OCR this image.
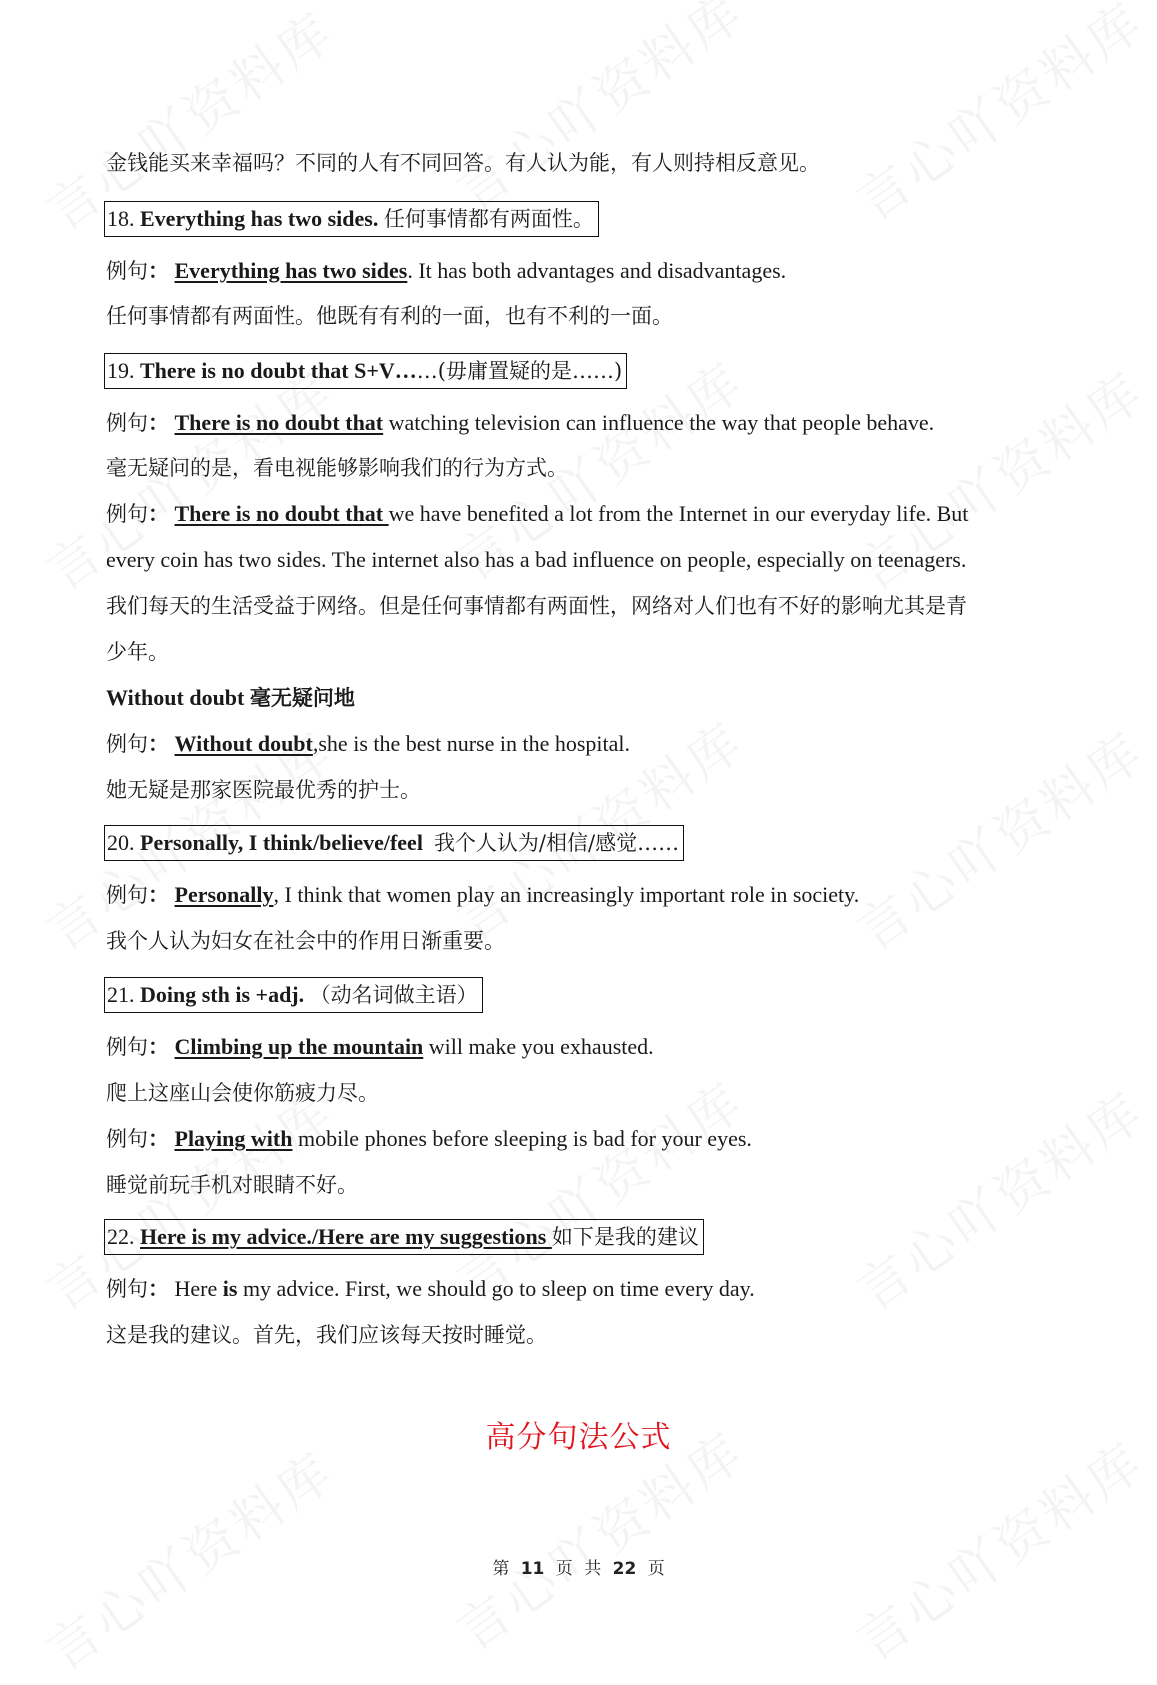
金钱能买来幸福吗？不同的人有不同回答。有人认为能，有人则持相反意见。
18. Everything has two sides. 任何事情都有两面性。
例句： Everything has two sides. It has both advantages and disadvantages.
任何事情都有两面性。他既有有利的一面，也有不利的一面。
19. There is no doubt that S+V……(毋庸置疑的是……)
例句： There is no doubt that watching television can influence the way that people behave.
毫无疑问的是，看电视能够影响我们的行为方式。
例句： There is no doubt that we have benefited a lot from the Internet in our everyday life. But
every coin has two sides. The internet also has a bad influence on people, especially on teenagers.
我们每天的生活受益于网络。但是任何事情都有两面性，网络对人们也有不好的影响尤其是青
少年。
Without doubt 毫无疑问地
例句： Without doubt,she is the best nurse in the hospital.
她无疑是那家医院最优秀的护士。
20. Personally, I think/believe/feel 我个人认为/相信/感觉……
例句： Personally, I think that women play an increasingly important role in society.
我个人认为妇女在社会中的作用日渐重要。
21. Doing sth is +adj. （动名词做主语）
例句： Climbing up the mountain will make you exhausted.
爬上这座山会使你筋疲力尽。
例句： Playing with mobile phones before sleeping is bad for your eyes.
睡觉前玩手机对眼睛不好。
22. Here is my advice./Here are my suggestions 如下是我的建议
例句： Here is my advice. First, we should go to sleep on time every day.
这是我的建议。首先，我们应该每天按时睡觉。
高分句法公式
第 11 页 共 22 页
